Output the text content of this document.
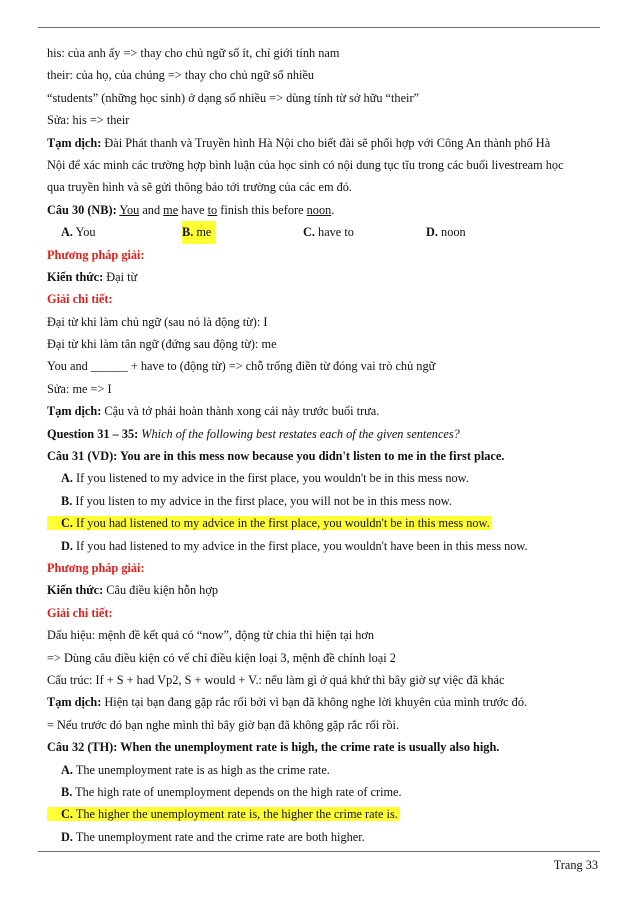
his: của anh ấy => thay cho chủ ngữ số ít, chỉ giới tính nam
their: của họ, của chúng => thay cho chủ ngữ số nhiều
“students” (những học sinh) ở dạng số nhiều => dùng tính từ sở hữu “their”
Sửa: his => their
Tạm dịch: Đài Phát thanh và Truyền hình Hà Nội cho biết đài sẽ phối hợp với Công An thành phố Hà
Nội để xác minh các trường hợp bình luận của học sinh có nội dung tục tĩu trong các buổi livestream học
qua truyền hình và sẽ gửi thông báo tới trường của các em đó.
Câu 30 (NB): You and me have to finish this before noon.
A. You	B. me	C. have to	D. noon
Phương pháp giải:
Kiến thức: Đại từ
Giải chi tiết:
Đại từ khi làm chủ ngữ (sau nó là động từ): I
Đại từ khi làm tân ngữ (đứng sau động từ): me
You and ______ + have to (động từ) => chỗ trống điền từ đóng vai trò chủ ngữ
Sửa: me => I
Tạm dịch: Cậu và tớ phải hoàn thành xong cái này trước buổi trưa.
Question 31 – 35: Which of the following best restates each of the given sentences?
Câu 31 (VD): You are in this mess now because you didn't listen to me in the first place.
A. If you listened to my advice in the first place, you wouldn't be in this mess now.
B. If you listen to my advice in the first place, you will not be in this mess now.
C. If you had listened to my advice in the first place, you wouldn't be in this mess now.
D. If you had listened to my advice in the first place, you wouldn't have been in this mess now.
Phương pháp giải:
Kiến thức: Câu điều kiện hỗn hợp
Giải chi tiết:
Dấu hiệu: mệnh đề kết quả có “now”, động từ chia thì hiện tại hơn
=> Dùng câu điều kiện có vế chỉ điều kiện loại 3, mệnh đề chính loại 2
Cấu trúc: If + S + had Vp2, S + would + V.: nếu làm gì ở quá khứ thì bây giờ sự việc đã khác
Tạm dịch: Hiện tại bạn đang gặp rắc rối bởi vì bạn đã không nghe lời khuyên của mình trước đó.
= Nếu trước đó bạn nghe mình thì bây giờ bạn đã không gặp rắc rối rồi.
Câu 32 (TH): When the unemployment rate is high, the crime rate is usually also high.
A. The unemployment rate is as high as the crime rate.
B. The high rate of unemployment depends on the high rate of crime.
C. The higher the unemployment rate is, the higher the crime rate is.
D. The unemployment rate and the crime rate are both higher.
Trang 33
